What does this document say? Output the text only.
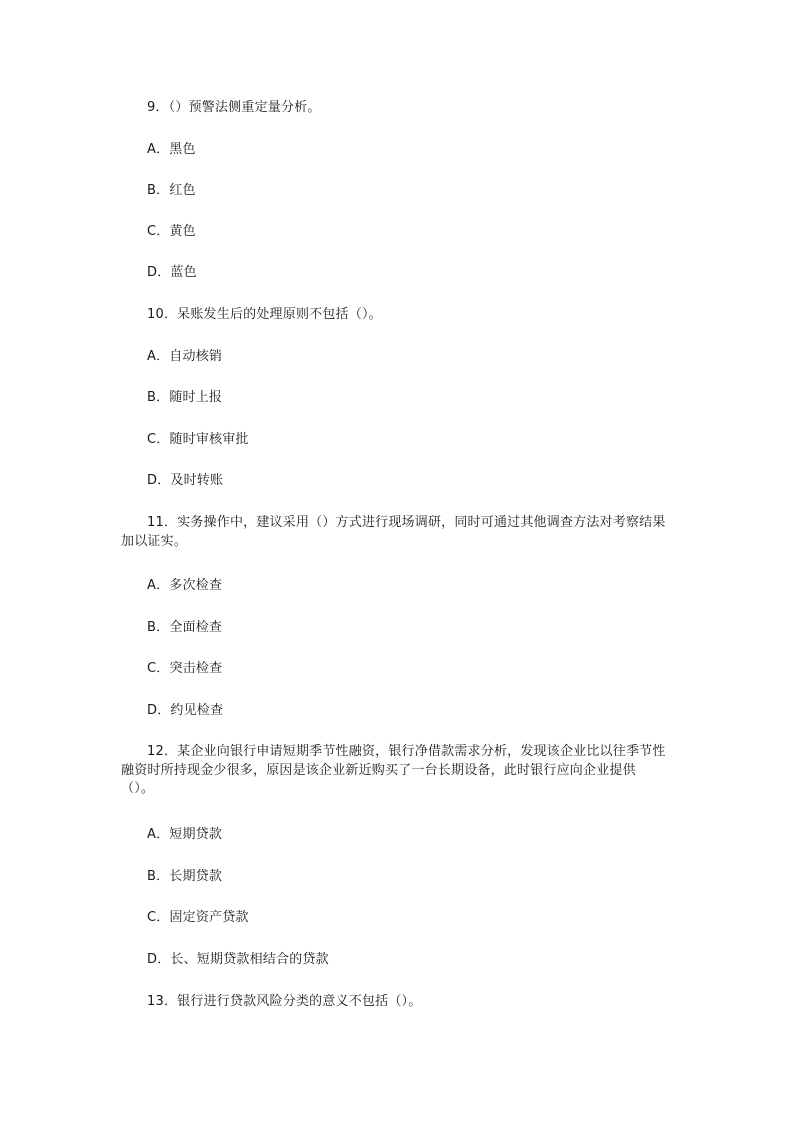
9．（）预警法侧重定量分析。
A．黑色
B．红色
C．黄色
D．蓝色
10．呆账发生后的处理原则不包括（）。
A．自动核销
B．随时上报
C．随时审核审批
D．及时转账
11．实务操作中，建议采用（）方式进行现场调研，同时可通过其他调查方法对考察结果加以证实。
A．多次检查
B．全面检查
C．突击检查
D．约见检查
12．某企业向银行申请短期季节性融资，银行净借款需求分析，发现该企业比以往季节性融资时所持现金少很多，原因是该企业新近购买了一台长期设备，此时银行应向企业提供（）。
A．短期贷款
B．长期贷款
C．固定资产贷款
D．长、短期贷款相结合的贷款
13．银行进行贷款风险分类的意义不包括（）。
